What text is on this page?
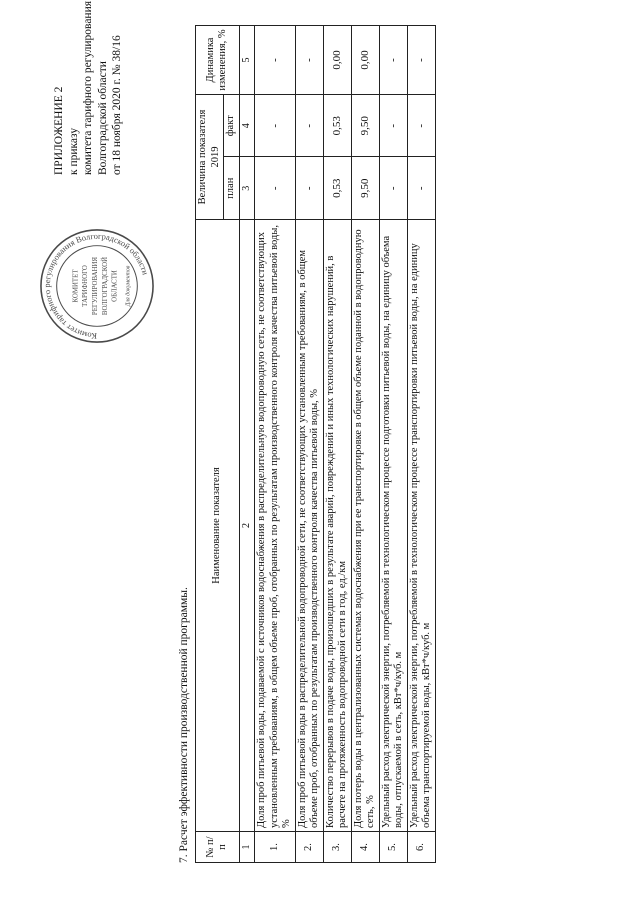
ПРИЛОЖЕНИЕ 2 к приказу комитета тарифного регулирования Волгоградской области от 18 ноября 2020 г. № 38/16
Комитет тарифного регулирования Волгоградской области
КОМИТЕТ ТАРИФНОГО РЕГУЛИРОВАНИЯ ВОЛГОГРАДСКОЙ ОБЛАСТИ Для документов
7. Расчет эффективности производственной программы. № п/п	Наименование показателя	Величина показателя 2019		Динамика изменения, %
		план	факт	
1	2	3	4	5
1.	Доля проб питьевой воды, подаваемой с источников водоснабжения в распределительную водопроводную сеть, не соответствующих установленным требованиям, в общем объеме проб, отобранных по результатам производственного контроля качества питьевой воды, %	-	-	-
2.	Доля проб питьевой воды в распределительной водопроводной сети, не соответствующих установленным требованиям, в общем объеме проб, отобранных по результатам производственного контроля качества питьевой воды, %	-	-	-
3.	Количество перерывов в подаче воды, произошедших в результате аварий, повреждений и иных технологических нарушений, в расчете на протяженность водопроводной сети в год, ед./км	0,53	0,53	0,00
4.	Доля потерь воды в централизованных системах водоснабжения при ее транспортировке в общем объеме поданной в водопроводную сеть, %	9,50	9,50	0,00
5.	Удельный расход электрической энергии, потребляемой в технологическом процессе подготовки питьевой воды, на единицу объема воды, отпускаемой в сеть, кВт*ч/куб. м	-	-	-
6.	Удельный расход электрической энергии, потребляемой в технологическом процессе транспортировки питьевой воды, на единицу объема транспортируемой воды, кВт*ч/куб. м	-	-	-
